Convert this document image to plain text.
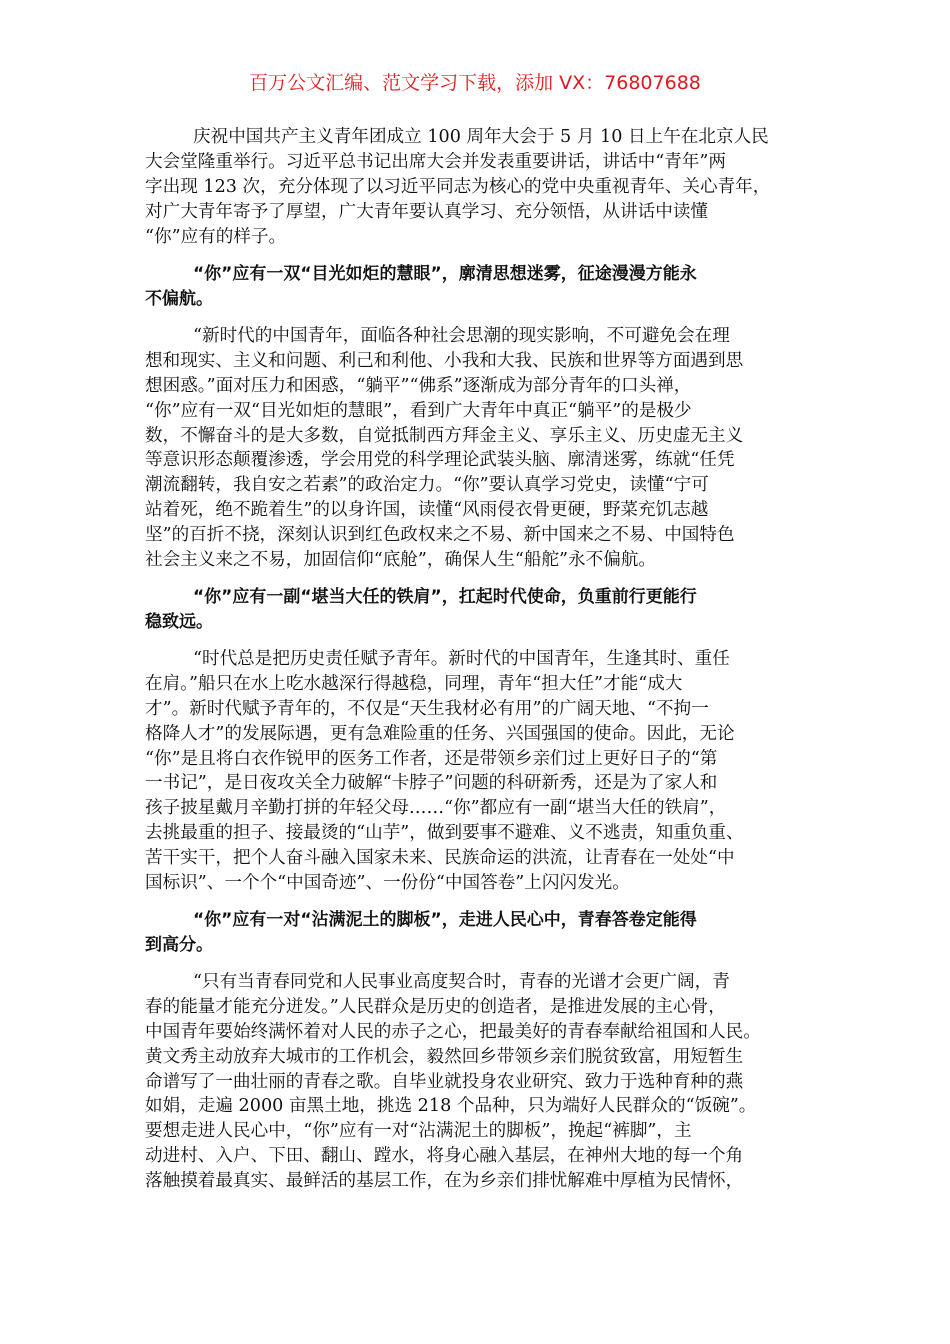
百万公文汇编、范文学习下载，添加 VX：76807688
庆祝中国共产主义青年团成立 100 周年大会于 5 月 10 日上午在北京人民
大会堂隆重举行。习近平总书记出席大会并发表重要讲话，讲话中“青年”两
字出现 123 次，充分体现了以习近平同志为核心的党中央重视青年、关心青年，
对广大青年寄予了厚望，广大青年要认真学习、充分领悟，从讲话中读懂
“你”应有的样子。
“你”应有一双“目光如炬的慧眼”，廓清思想迷雾，征途漫漫方能永
不偏航。
“新时代的中国青年，面临各种社会思潮的现实影响，不可避免会在理
想和现实、主义和问题、利己和利他、小我和大我、民族和世界等方面遇到思
想困惑。”面对压力和困惑，“躺平”“佛系”逐渐成为部分青年的口头禅，
“你”应有一双“目光如炬的慧眼”，看到广大青年中真正“躺平”的是极少
数，不懈奋斗的是大多数，自觉抵制西方拜金主义、享乐主义、历史虚无主义
等意识形态颠覆渗透，学会用党的科学理论武装头脑、廓清迷雾，练就“任凭
潮流翻转，我自安之若素”的政治定力。“你”要认真学习党史，读懂“宁可
站着死，绝不跪着生”的以身许国，读懂“风雨侵衣骨更硬，野菜充饥志越
坚”的百折不挠，深刻认识到红色政权来之不易、新中国来之不易、中国特色
社会主义来之不易，加固信仰“底舱”，确保人生“船舵”永不偏航。
“你”应有一副“堪当大任的铁肩”，扛起时代使命，负重前行更能行
稳致远。
“时代总是把历史责任赋予青年。新时代的中国青年，生逢其时、重任
在肩。”船只在水上吃水越深行得越稳，同理，青年“担大任”才能“成大
才”。新时代赋予青年的，不仅是“天生我材必有用”的广阔天地、“不拘一
格降人才”的发展际遇，更有急难险重的任务、兴国强国的使命。因此，无论
“你”是且将白衣作锐甲的医务工作者，还是带领乡亲们过上更好日子的“第
一书记”，是日夜攻关全力破解“卡脖子”问题的科研新秀，还是为了家人和
孩子披星戴月辛勤打拼的年轻父母……“你”都应有一副“堪当大任的铁肩”，
去挑最重的担子、接最烫的“山芋”，做到要事不避难、义不逃责，知重负重、
苦干实干，把个人奋斗融入国家未来、民族命运的洪流，让青春在一处处“中
国标识”、一个个“中国奇迹”、一份份“中国答卷”上闪闪发光。
“你”应有一对“沾满泥土的脚板”，走进人民心中，青春答卷定能得
到高分。
“只有当青春同党和人民事业高度契合时，青春的光谱才会更广阔，青
春的能量才能充分迸发。”人民群众是历史的创造者，是推进发展的主心骨，
中国青年要始终满怀着对人民的赤子之心，把最美好的青春奉献给祖国和人民。
黄文秀主动放弃大城市的工作机会，毅然回乡带领乡亲们脱贫致富，用短暂生
命谱写了一曲壮丽的青春之歌。自毕业就投身农业研究、致力于选种育种的燕
如娟，走遍 2000 亩黑土地，挑选 218 个品种，只为端好人民群众的“饭碗”。
要想走进人民心中，“你”应有一对“沾满泥土的脚板”，挽起“裤脚”，主
动进村、入户、下田、翻山、蹚水，将身心融入基层，在神州大地的每一个角
落触摸着最真实、最鲜活的基层工作，在为乡亲们排忧解难中厚植为民情怀，
